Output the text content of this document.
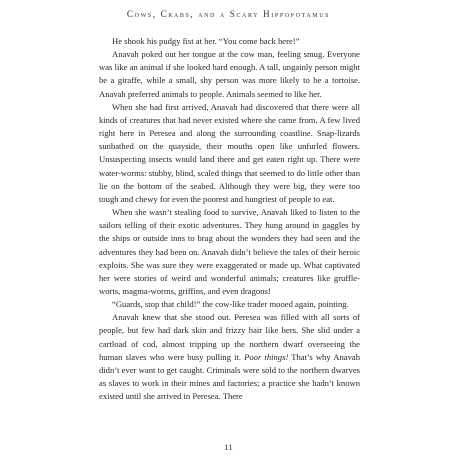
Cows, Crabs, and a Scary Hippopotamus

He shook his pudgy fist at her. “You come back here!”

Anavah poked out her tongue at the cow man, feeling smug. Everyone was like an animal if she looked hard enough. A tall, ungainly person might be a giraffe, while a small, shy person was more likely to be a tortoise. Anavah preferred animals to people. Animals seemed to like her.

When she had first arrived, Anavah had discovered that there were all kinds of creatures that had never existed where she came from. A few lived right here in Peresea and along the surrounding coastline. Snap-lizards sunbathed on the quayside, their mouths open like unfurled flowers. Unsuspecting insects would land there and get eaten right up. There were water-worms: stubby, blind, scaled things that seemed to do little other than lie on the bottom of the seabed. Although they were big, they were too tough and chewy for even the poorest and hungriest of people to eat.

When she wasn’t stealing food to survive, Anavah liked to listen to the sailors telling of their exotic adventures. They hung around in gaggles by the ships or outside inns to brag about the wonders they had seen and the adventures they had been on. Anavah didn’t believe the tales of their heroic exploits. She was sure they were exaggerated or made up. What captivated her were stories of weird and wonderful animals; creatures like gruffle-worts, magma-worms, griffins, and even dragons!

“Guards, stop that child!” the cow-like trader mooed again, pointing.

Anavah knew that she stood out. Peresea was filled with all sorts of people, but few had dark skin and frizzy hair like hers. She slid under a cartload of cod, almost tripping up the northern dwarf overseeing the human slaves who were busy pulling it. Poor things! That’s why Anavah didn’t ever want to get caught. Criminals were sold to the northern dwarves as slaves to work in their mines and factories; a practice she hadn’t known existed until she arrived in Peresea. There

11
